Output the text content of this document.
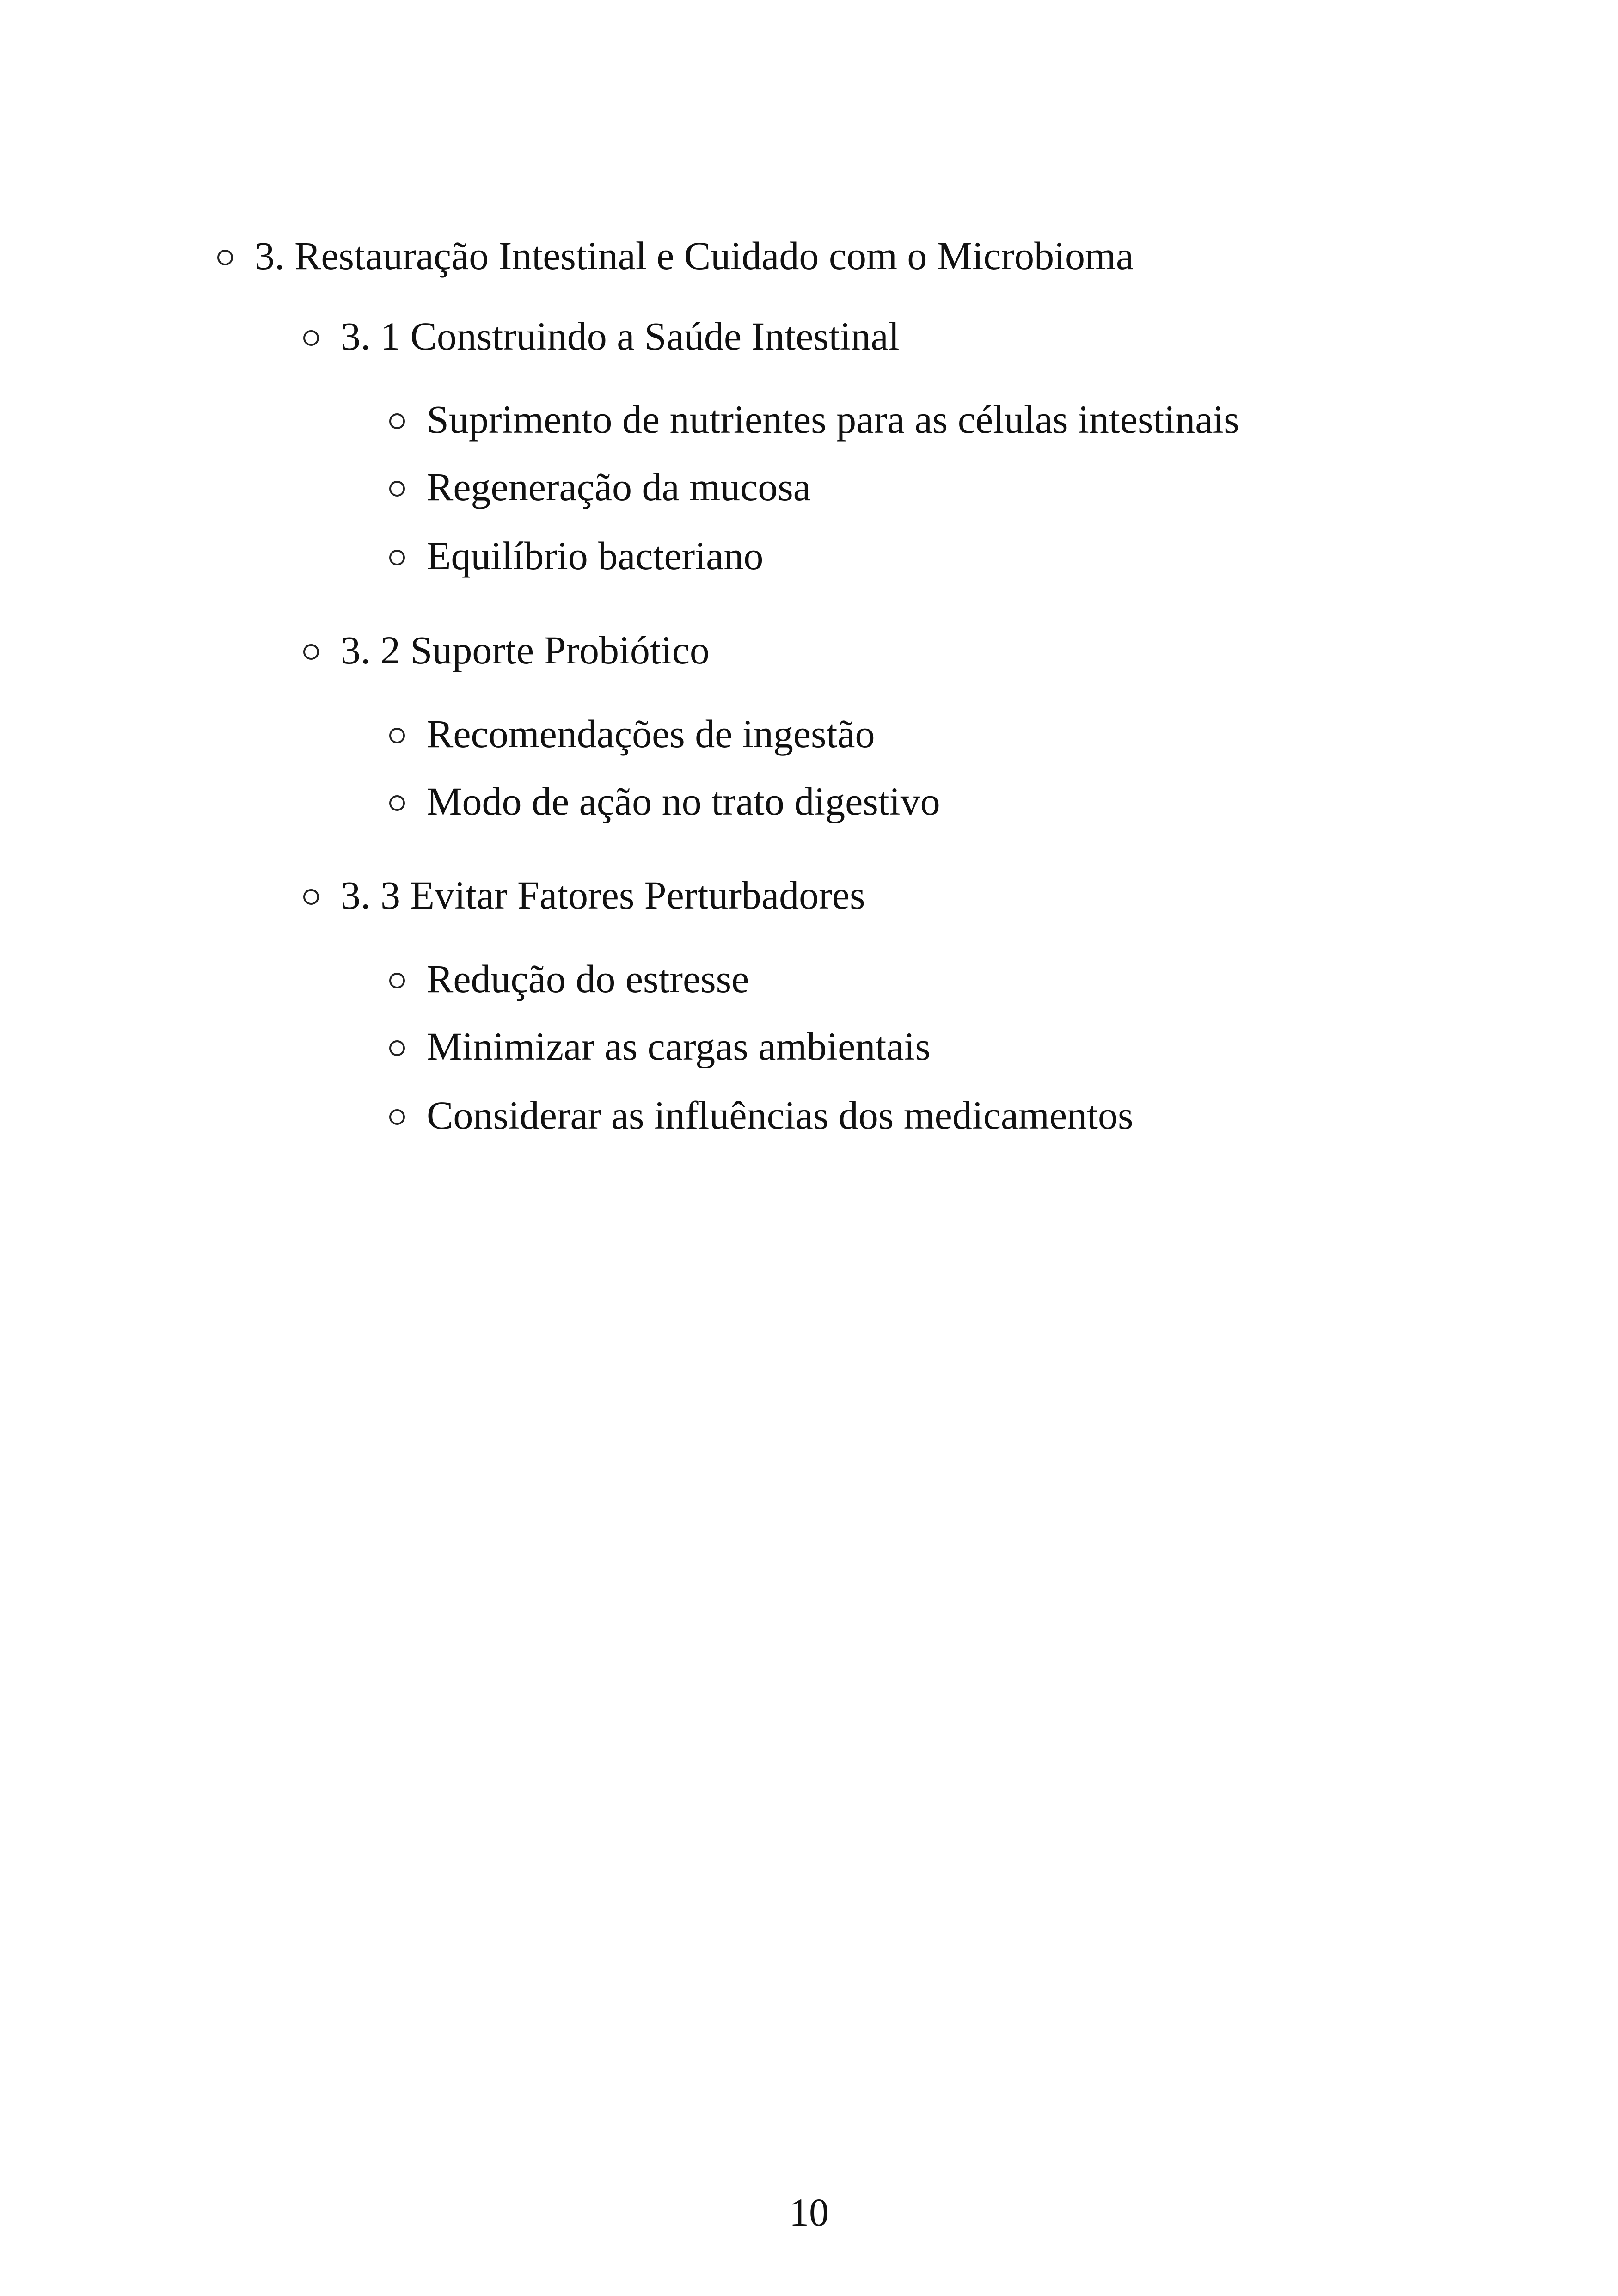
3. Restauração Intestinal e Cuidado com o Microbioma
3. 1 Construindo a Saúde Intestinal
Suprimento de nutrientes para as células intestinais
Regeneração da mucosa
Equilíbrio bacteriano
3. 2 Suporte Probiótico
Recomendações de ingestão
Modo de ação no trato digestivo
3. 3 Evitar Fatores Perturbadores
Redução do estresse
Minimizar as cargas ambientais
Considerar as influências dos medicamentos
10
